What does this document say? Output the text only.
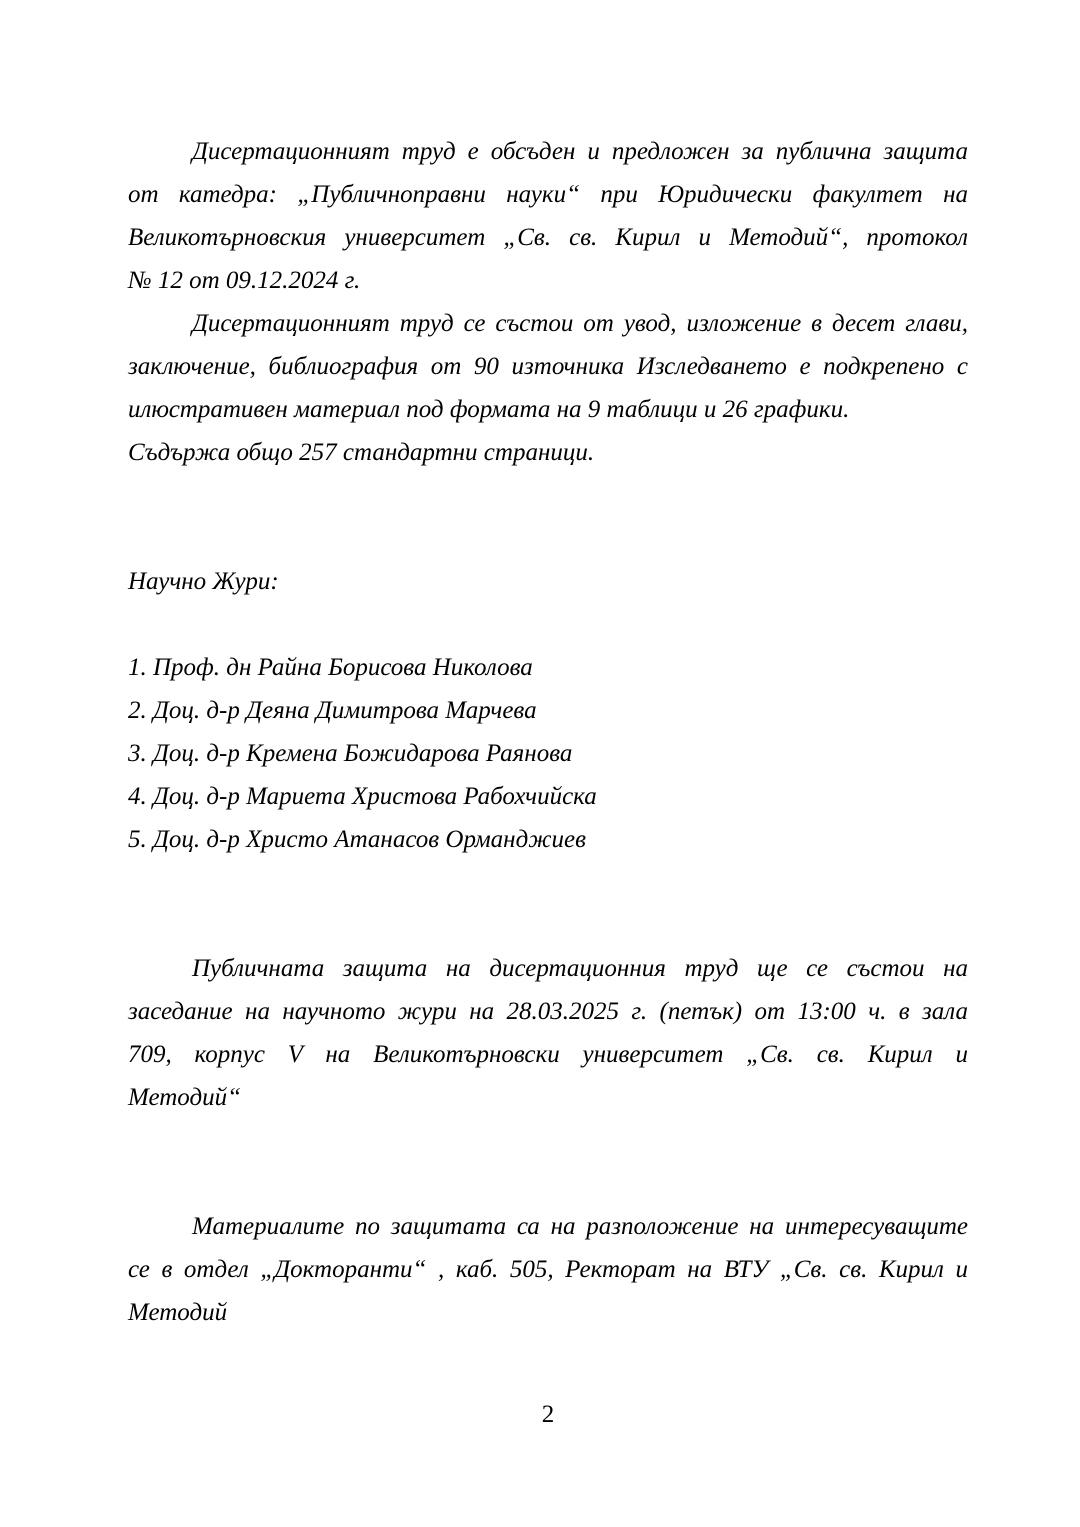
Дисертационният труд е обсъден и предложен за публична защита
от катедра: „Публичноправни науки“ при Юридически факултет на
Великотърновския университет „Св. св. Кирил и Методий“, протокол
№ 12 от 09.12.2024 г.
Дисертационният труд се състои от увод, изложение в десет глави,
заключение, библиография от 90 източника Изследването е подкрепено с
илюстративен материал под формата на 9 таблици и 26 графики.
Съдържа общо 257 стандартни страници.
Научно Жури:
1. Проф. дн Райна Борисова Николова
2. Доц. д-р Деяна Димитрова Марчева
3. Доц. д-р Кремена Божидарова Раянова
4. Доц. д-р Мариета Христова Рабохчийска
5. Доц. д-р Христо Атанасов Орманджиев
Публичната защита на дисертационния труд ще се състои на
заседание на научното жури на 28.03.2025 г. (петък) от 13:00 ч. в зала
709, корпус V на Великотърновски университет „Св. св. Кирил и
Методий“
Материалите по защитата са на разположение на интересуващите
се в отдел „Докторанти“ , каб. 505, Ректорат на ВТУ „Св. св. Кирил и
Методий
2
